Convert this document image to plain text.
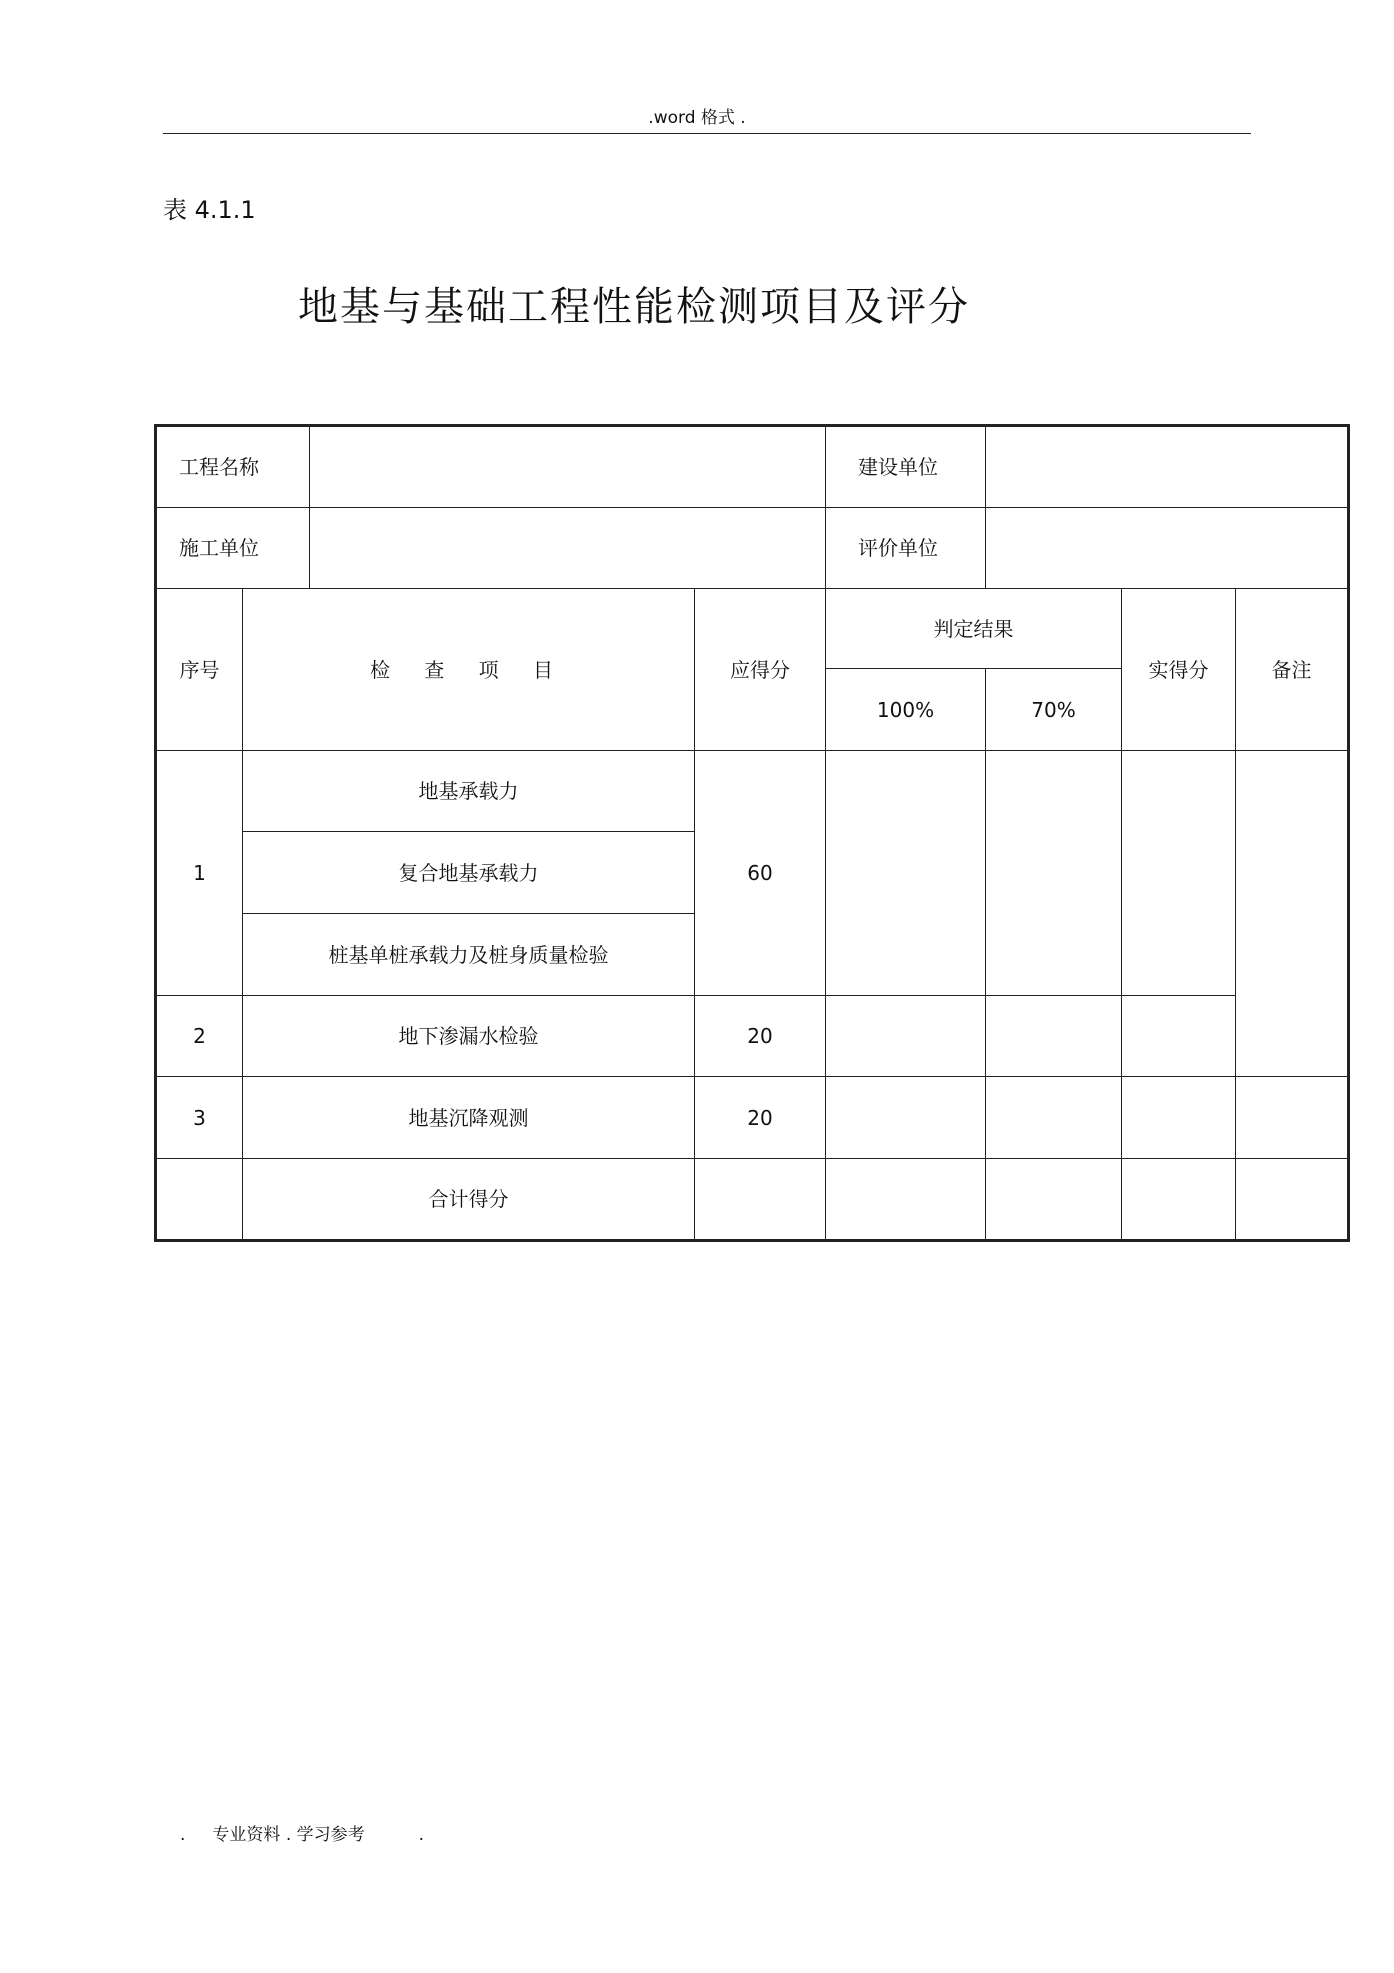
.word 格式 .
表 4.1.1
地基与基础工程性能检测项目及评分
工程名称				建设单位			
施工单位				评价单位			
序号	检 查 项 目		应得分	判定结果		实得分	备注
				100%	70%		
1	地基承载力		60				
	复合地基承载力						
	桩基单桩承载力及桩身质量检验						
2	地下渗漏水检验		20				
3	地基沉降观测		20				
	合计得分						
.     专业资料 . 学习参考          .
